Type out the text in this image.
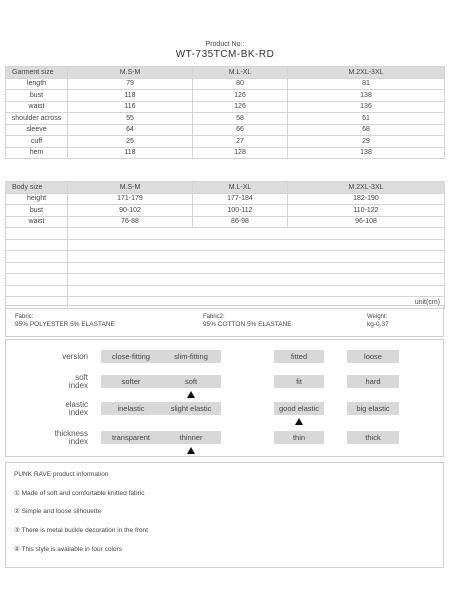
Product No.:
WT-735TCM-BK-RD
Garment size	M.S-M	M.L-XL	M.2XL-3XL
length	79	80	81
bust	118	126	138
waist	116	126	136
shoulder across	55	58	61
sleeve	64	66	68
cuff	25	27	29
hem	118	128	138
Body size	M.S-M	M.L-XL	M.2XL-3XL
height	171-179	177-184	182-190
bust	90-102	100-112	110-122
waist	76-88	86-98	96-108

	unit(cm)		
Fabric:
95% POLYESTER 5% ELASTANE
Fabric2:
95% COTTON 5% ELASTANE
Weight:
kg-0.37
version	close-fitting	slim-fitting	fitted	loose
soft
index	softer	soft	fit	hard
elastic
index	inelastic	slight elastic	good elastic	big elastic
thickness
index	transparent	thinner	thin	thick
PUNK RAVE product information
① Made of soft and comfortable knitted fabric
② Simple and loose silhouette
③ There is metal buckle decoration in the front
④ This style is available in four colors
